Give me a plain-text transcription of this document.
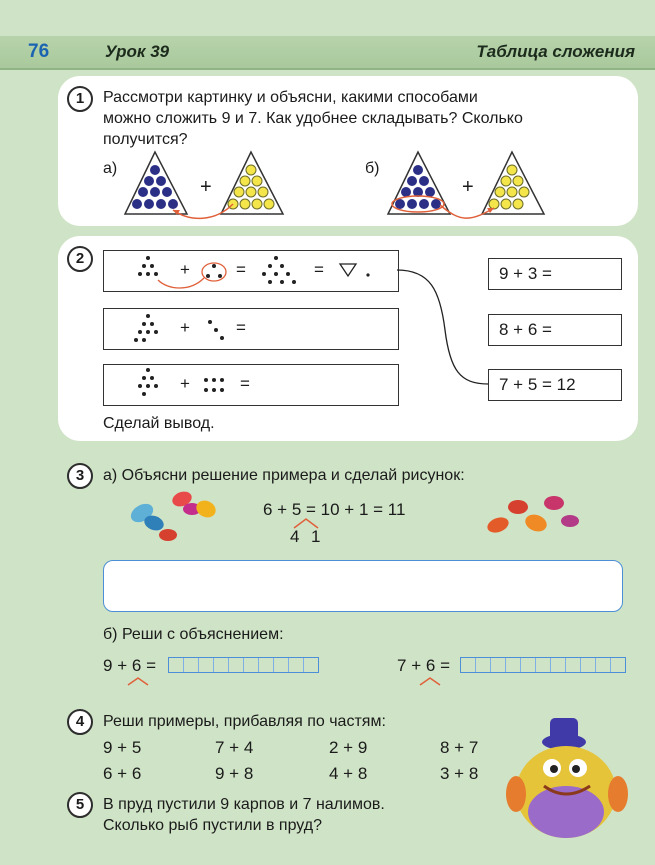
76	Урок 39	Таблица сложения
1	Рассмотри картинку и объясни, какими способами
можно сложить 9 и 7. Как удобнее складывать? Сколько
получится?
а)	б)
+	+
2
+	=	=
+	=
+	=
9 + 3 =
8 + 6 =
7 + 5 = 12
Сделай вывод.
3	а) Объясни решение примера и сделай рисунок:
6 + 5 = 10 + 1 = 11
4 1
б) Реши с объяснением:
9 + 6 =	7 + 6 =
4	Реши примеры, прибавляя по частям:
9 + 5	7 + 4	2 + 9	8 + 7
6 + 6	9 + 8	4 + 8	3 + 8
5	В пруд пустили 9 карпов и 7 налимов.
Сколько рыб пустили в пруд?
